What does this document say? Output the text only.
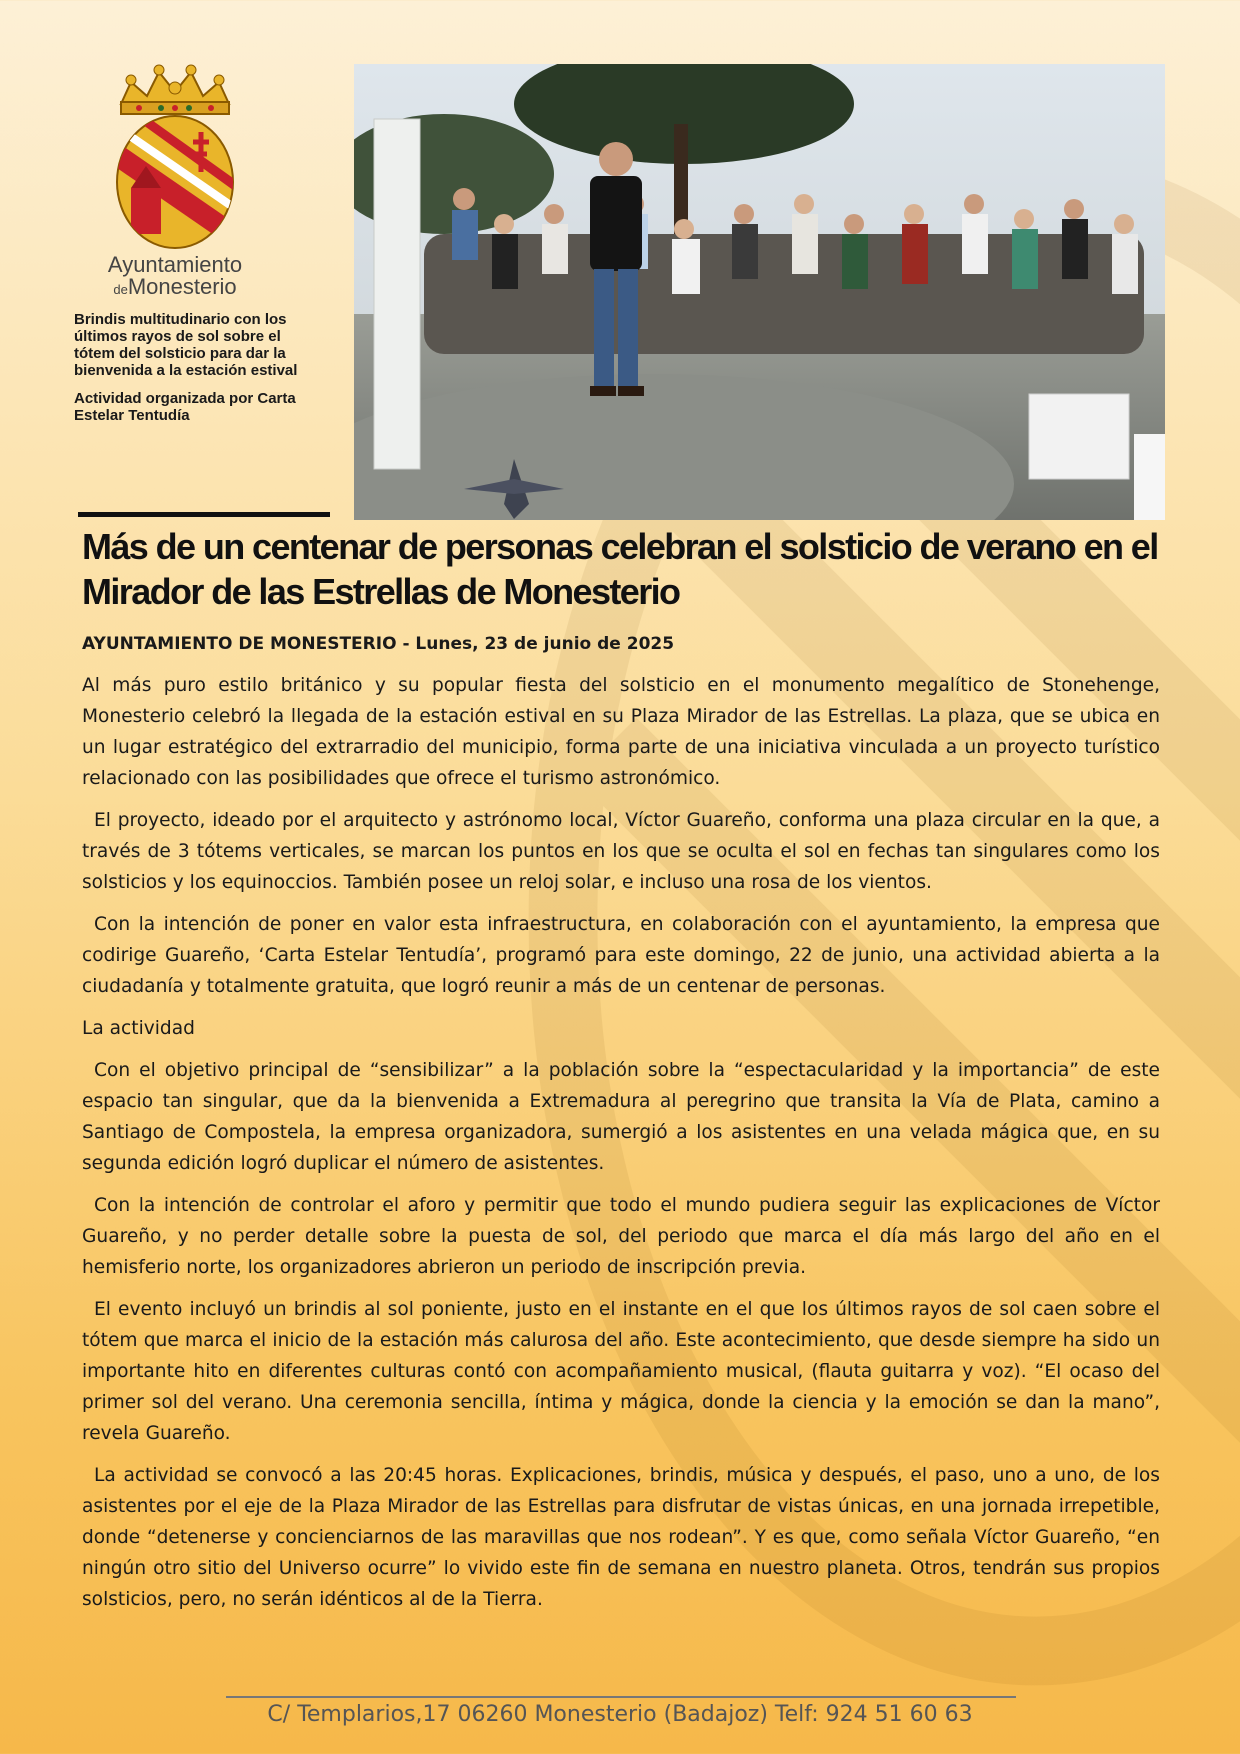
Ayuntamiento
deMonesterio

Brindis multitudinario con los últimos rayos de sol sobre el tótem del solsticio para dar la bienvenida a la estación estival

Actividad organizada por Carta Estelar Tentudía

Más de un centenar de personas celebran el solsticio de verano en el Mirador de las Estrellas de Monesterio

AYUNTAMIENTO DE MONESTERIO - Lunes, 23 de junio de 2025

Al más puro estilo británico y su popular fiesta del solsticio en el monumento megalítico de Stonehenge, Monesterio celebró la llegada de la estación estival en su Plaza Mirador de las Estrellas. La plaza, que se ubica en un lugar estratégico del extrarradio del municipio, forma parte de una iniciativa vinculada a un proyecto turístico relacionado con las posibilidades que ofrece el turismo astronómico.

El proyecto, ideado por el arquitecto y astrónomo local, Víctor Guareño, conforma una plaza circular en la que, a través de 3 tótems verticales, se marcan los puntos en los que se oculta el sol en fechas tan singulares como los solsticios y los equinoccios. También posee un reloj solar, e incluso una rosa de los vientos.

Con la intención de poner en valor esta infraestructura, en colaboración con el ayuntamiento, la empresa que codirige Guareño, ‘Carta Estelar Tentudía’, programó para este domingo, 22 de junio, una actividad abierta a la ciudadanía y totalmente gratuita, que logró reunir a más de un centenar de personas.

La actividad

Con el objetivo principal de “sensibilizar” a la población sobre la “espectacularidad y la importancia” de este espacio tan singular, que da la bienvenida a Extremadura al peregrino que transita la Vía de Plata, camino a Santiago de Compostela, la empresa organizadora, sumergió a los asistentes en una velada mágica que, en su segunda edición logró duplicar el número de asistentes.

Con la intención de controlar el aforo y permitir que todo el mundo pudiera seguir las explicaciones de Víctor Guareño, y no perder detalle sobre la puesta de sol, del periodo que marca el día más largo del año en el hemisferio norte, los organizadores abrieron un periodo de inscripción previa.

El evento incluyó un brindis al sol poniente, justo en el instante en el que los últimos rayos de sol caen sobre el tótem que marca el inicio de la estación más calurosa del año. Este acontecimiento, que desde siempre ha sido un importante hito en diferentes culturas contó con acompañamiento musical, (flauta guitarra y voz). “El ocaso del primer sol del verano. Una ceremonia sencilla, íntima y mágica, donde la ciencia y la emoción se dan la mano”, revela Guareño.

La actividad se convocó a las 20:45 horas. Explicaciones, brindis, música y después, el paso, uno a uno, de los asistentes por el eje de la Plaza Mirador de las Estrellas para disfrutar de vistas únicas, en una jornada irrepetible, donde “detenerse y concienciarnos de las maravillas que nos rodean”. Y es que, como señala Víctor Guareño, “en ningún otro sitio del Universo ocurre” lo vivido este fin de semana en nuestro planeta. Otros, tendrán sus propios solsticios, pero, no serán idénticos al de la Tierra.

C/ Templarios,17 06260 Monesterio (Badajoz) Telf: 924 51 60 63
